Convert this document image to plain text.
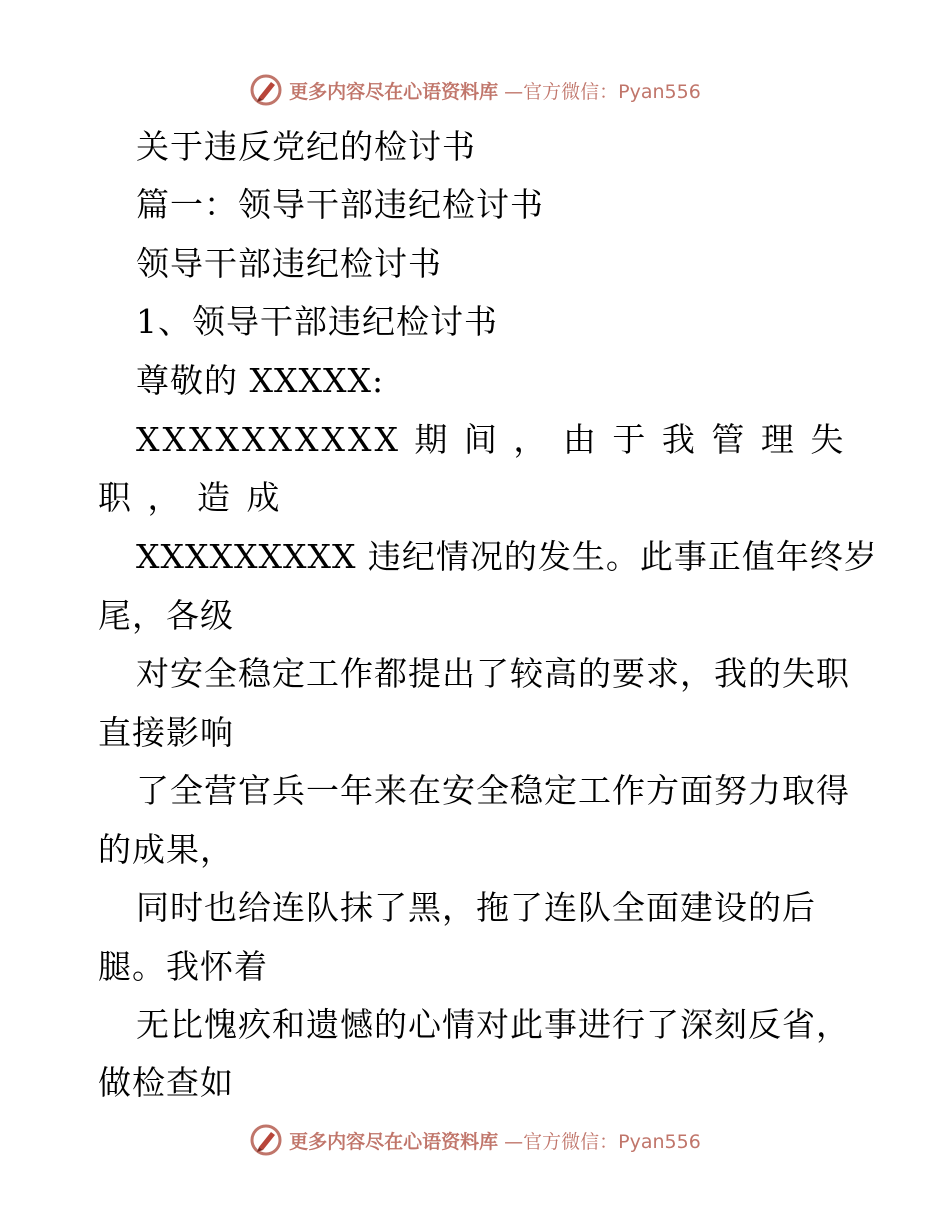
更多内容尽在心语资料库 —官方微信：Pyan556
关于违反党纪的检讨书
篇一：领导干部违纪检讨书
领导干部违纪检讨书
1、领导干部违纪检讨书
尊敬的 XXXXX:
XXXXXXXXXX 期 间 ， 由 于 我 管 理 失
职 ， 造 成
XXXXXXXXX 违纪情况的发生。此事正值年终岁
尾，各级
对安全稳定工作都提出了较高的要求，我的失职
直接影响
了全营官兵一年来在安全稳定工作方面努力取得
的成果，
同时也给连队抹了黑，拖了连队全面建设的后
腿。我怀着
无比愧疚和遗憾的心情对此事进行了深刻反省，
做检查如
更多内容尽在心语资料库 —官方微信：Pyan556
